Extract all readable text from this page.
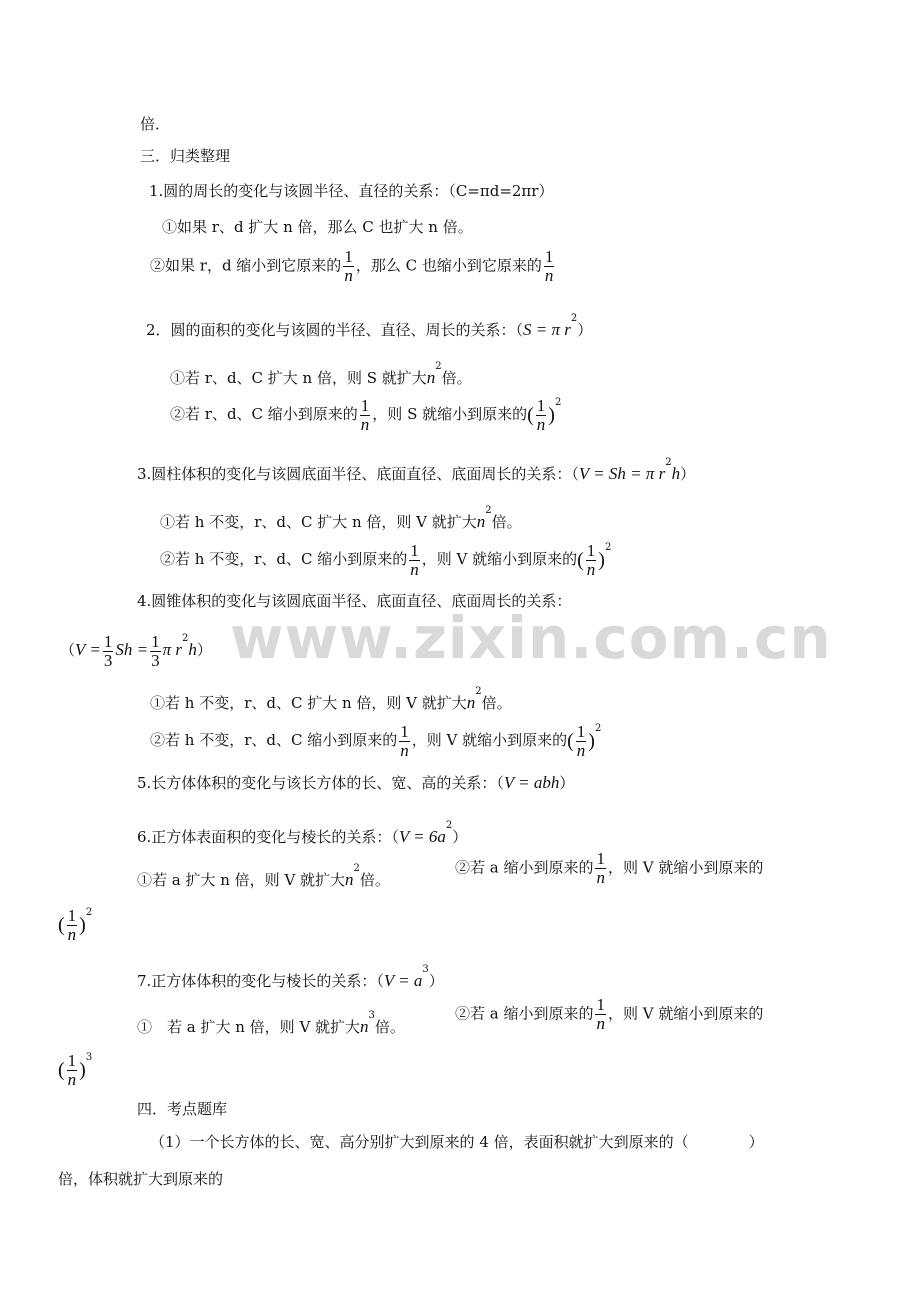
www.zixin.com.cn
倍．
三．归类整理
1.圆的周长的变化与该圆半径、直径的关系：（C=πd=2πr）
①如果 r、d 扩大 n 倍，那么 C 也扩大 n 倍。
②如果 r，d 缩小到它原来的 $\frac{1}{n}$ ，那么 C 也缩小到它原来的 $\frac{1}{n}$
2．圆的面积的变化与该圆的半径、直径、周长的关系：（S = π $r^2$）
①若 r、d、C 扩大 n 倍，则 S 就扩大$n^2$倍。
②若 r、d、C 缩小到原来的 $\frac{1}{n}$ ，则 S 就缩小到原来的( $\frac{1}{n} )^2$
3.圆柱体积的变化与该圆底面半径、底面直径、底面周长的关系：（V = Sh = π $r^2h$）
①若 h 不变，r、d、C 扩大 n 倍，则 V 就扩大$n^2$倍。
②若 h 不变，r、d、C 缩小到原来的 $\frac{1}{n}$ ，则 V 就缩小到原来的( $\frac{1}{n} )^2$
4.圆锥体积的变化与该圆底面半径、底面直径、底面周长的关系：
（$V = \frac{1}{3}$ $Sh = \frac{1}{3}$ π $r^2h$）
①若 h 不变，r、d、C 扩大 n 倍，则 V 就扩大$n^2$倍。
②若 h 不变，r、d、C 缩小到原来的 $\frac{1}{n}$ ，则 V 就缩小到原来的( $\frac{1}{n} )^2$
5.长方体体积的变化与该长方体的长、宽、高的关系：（V = abh）
6.正方体表面积的变化与棱长的关系：$(V = 6a^2)$
①若 a 扩大 n 倍，则 V 就扩大$n^2$倍。
②若 a 缩小到原来的 $\frac{1}{n}$ ，则 V 就缩小到原来的
( $\frac{1}{n} )^2$
7.正方体体积的变化与棱长的关系：$(V = a^3)$
①　若 a 扩大 n 倍，则 V 就扩大$n^3$倍。
②若 a 缩小到原来的 $\frac{1}{n}$ ，则 V 就缩小到原来的
( $\frac{1}{n} )^3$
四．考点题库
（1）一个长方体的长、宽、高分别扩大到原来的 4 倍，表面积就扩大到原来的（　　　　）
倍，体积就扩大到原来的
